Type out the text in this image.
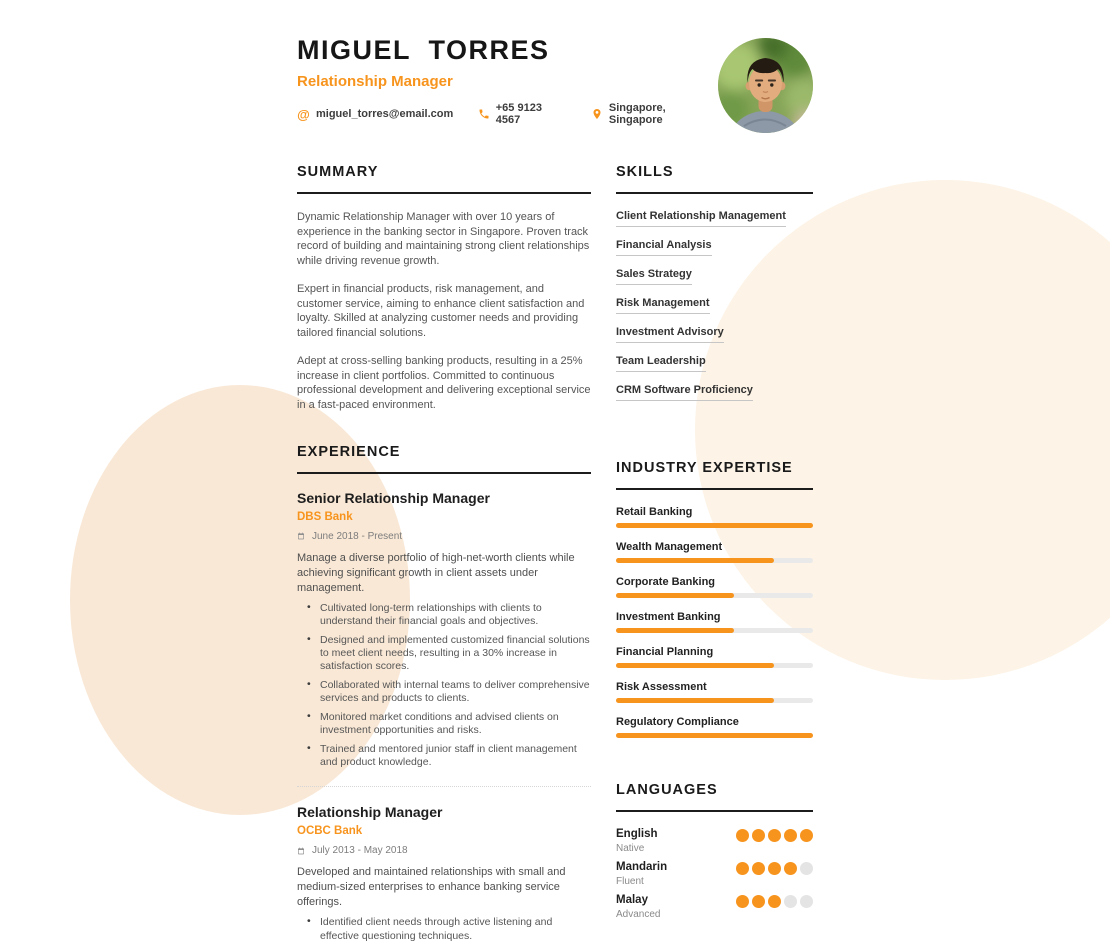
MIGUEL TORRES
Relationship Manager
@ miguel_torres@email.com	+65 9123 4567
Singapore, Singapore
SUMMARY

Dynamic Relationship Manager with over 10 years of experience in the banking sector in Singapore. Proven track record of building and maintaining strong client relationships while driving revenue growth.

Expert in financial products, risk management, and customer service, aiming to enhance client satisfaction and loyalty. Skilled at analyzing customer needs and providing tailored financial solutions.

Adept at cross-selling banking products, resulting in a 25% increase in client portfolios. Committed to continuous professional development and delivering exceptional service in a fast-paced environment.

EXPERIENCE
Senior Relationship Manager
DBS Bank
June 2018 - Present

Manage a diverse portfolio of high-net-worth clients while achieving significant growth in client assets under management.

• Cultivated long-term relationships with clients to understand their financial goals and objectives.
• Designed and implemented customized financial solutions to meet client needs, resulting in a 30% increase in satisfaction scores.
• Collaborated with internal teams to deliver comprehensive services and products to clients.
• Monitored market conditions and advised clients on investment opportunities and risks.
• Trained and mentored junior staff in client management and product knowledge.
Relationship Manager
OCBC Bank
July 2013 - May 2018

Developed and maintained relationships with small and medium-sized enterprises to enhance banking service offerings.

• Identified client needs through active listening and effective questioning techniques.
SKILLS
Client Relationship Management
Financial Analysis
Sales Strategy
Risk Management
Investment Advisory
Team Leadership
CRM Software Proficiency
INDUSTRY EXPERTISE
Retail Banking
Wealth Management
Corporate Banking
Investment Banking
Financial Planning
Risk Assessment
Regulatory Compliance
LANGUAGES
English
Native
Mandarin
Fluent
Malay
Advanced
